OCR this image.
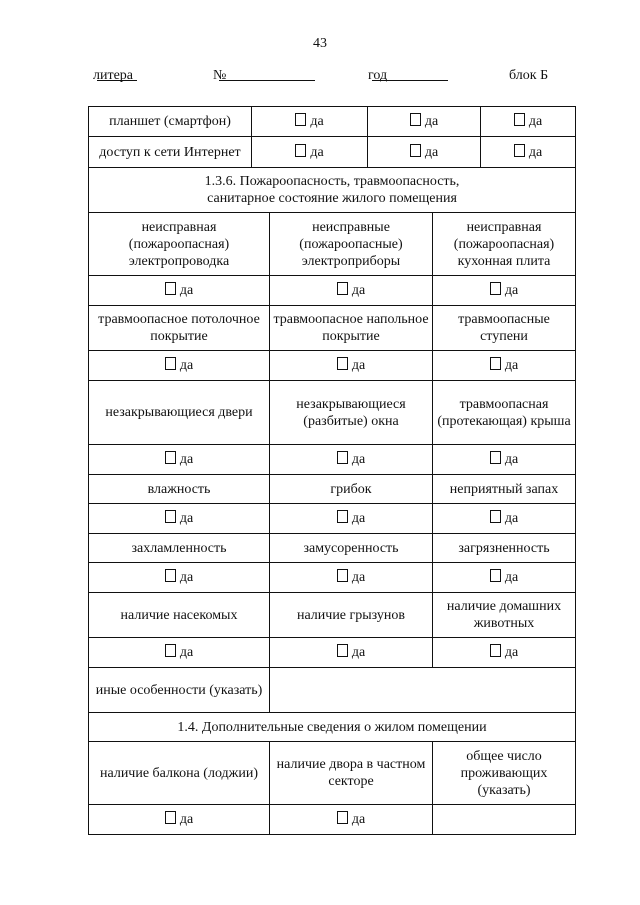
43
литера	№	год	блок Б
планшет (смартфон)	да	да	да
доступ к сети Интернет	да	да	да
1.3.6. Пожароопасность, травмоопасность,
санитарное состояние жилого помещения		

неисправная (пожароопасная) электропроводка	неисправные (пожароопасные) электроприборы	неисправная (пожароопасная) кухонная плита
да	да	да
травмоопасное потолочное покрытие	травмоопасное напольное покрытие	травмоопасные ступени
да	да	да
незакрывающиеся двери	незакрывающиеся (разбитые) окна	травмоопасная (протекающая) крыша
да	да	да
влажность	грибок	неприятный запах
да	да	да
захламленность	замусоренность	загрязненность
да	да	да
наличие насекомых	наличие грызунов	наличие домашних животных
да	да	да
иные особенности (указать)		
1.4. Дополнительные сведения о жилом помещении		
наличие балкона (лоджии)	наличие двора в частном секторе	общее число проживающих (указать)
да	да	
